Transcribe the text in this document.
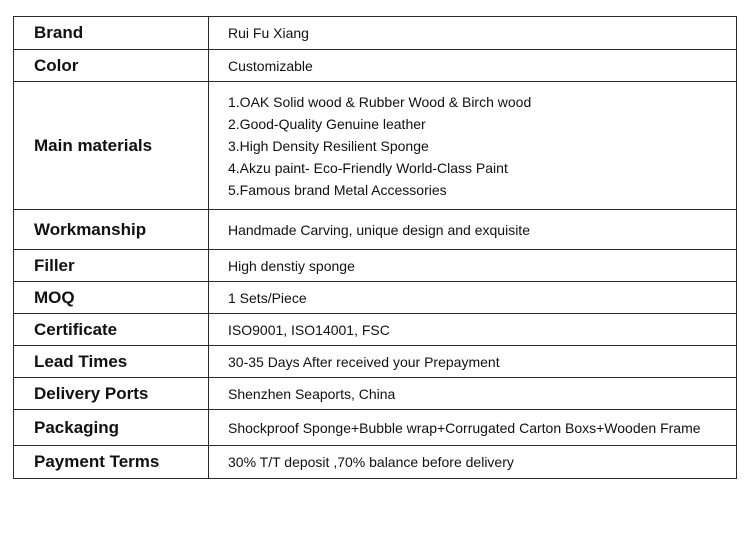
Brand	Rui Fu Xiang
Color	Customizable
Main materials	1.OAK Solid wood & Rubber Wood & Birch wood
2.Good-Quality Genuine leather
3.High Density Resilient Sponge
4.Akzu paint- Eco-Friendly World-Class Paint
5.Famous brand Metal Accessories

Workmanship	Handmade Carving, unique design and exquisite
Filler	High denstiy sponge
MOQ	1 Sets/Piece
Certificate	ISO9001, ISO14001, FSC
Lead Times	30-35 Days After received your Prepayment
Delivery Ports	Shenzhen Seaports, China
Packaging	Shockproof Sponge+Bubble wrap+Corrugated Carton Boxs+Wooden Frame
Payment Terms	30% T/T deposit ,70% balance before delivery
